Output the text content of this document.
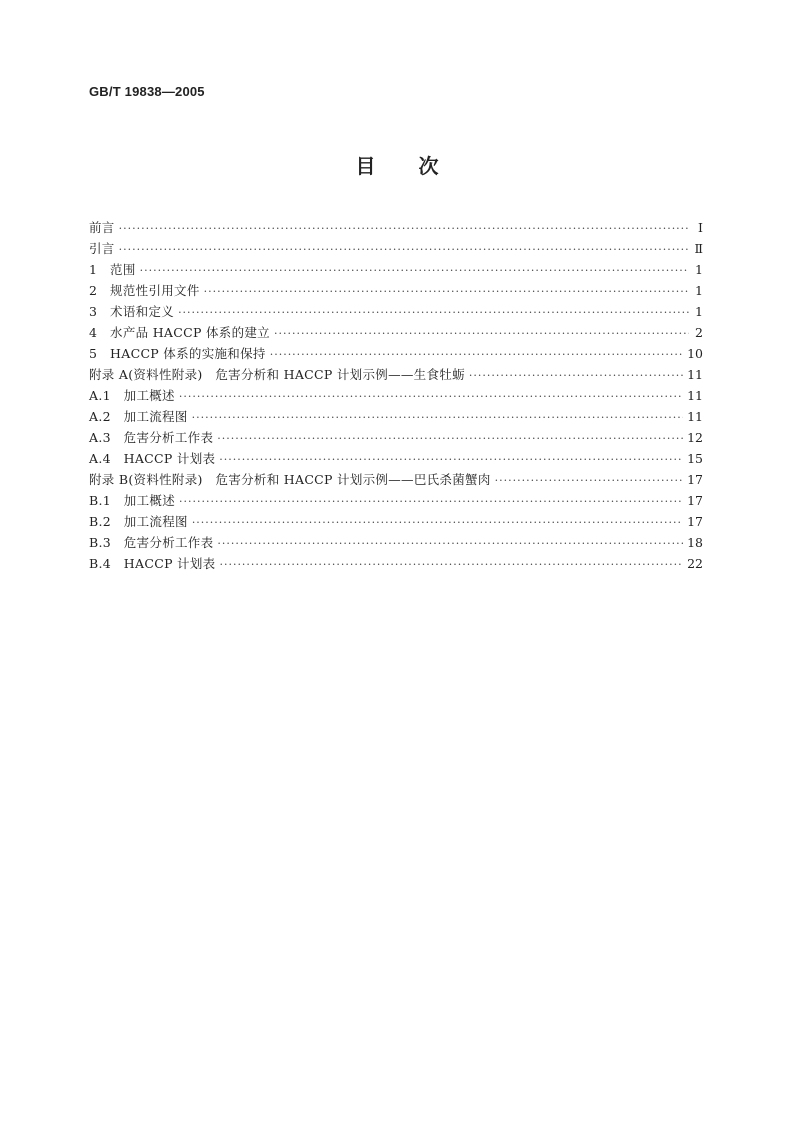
GB/T 19838—2005
目 次
前言 ·····	Ⅰ
引言 ·····	Ⅱ
1　范围 ·····	1
2　规范性引用文件 ·····	1
3　术语和定义 ·····	1
4　水产品 HACCP 体系的建立 ·····	2
5　HACCP 体系的实施和保持 ·····	10
附录 A(资料性附录)　危害分析和 HACCP 计划示例——生食牡蛎 ·····	11
A.1　加工概述 ·····	11
A.2　加工流程图 ·····	11
A.3　危害分析工作表 ·····	12
A.4　HACCP 计划表 ·····	15
附录 B(资料性附录)　危害分析和 HACCP 计划示例——巴氏杀菌蟹肉 ·····	17
B.1　加工概述 ·····	17
B.2　加工流程图 ·····	17
B.3　危害分析工作表 ·····	18
B.4　HACCP 计划表 ·····	22
